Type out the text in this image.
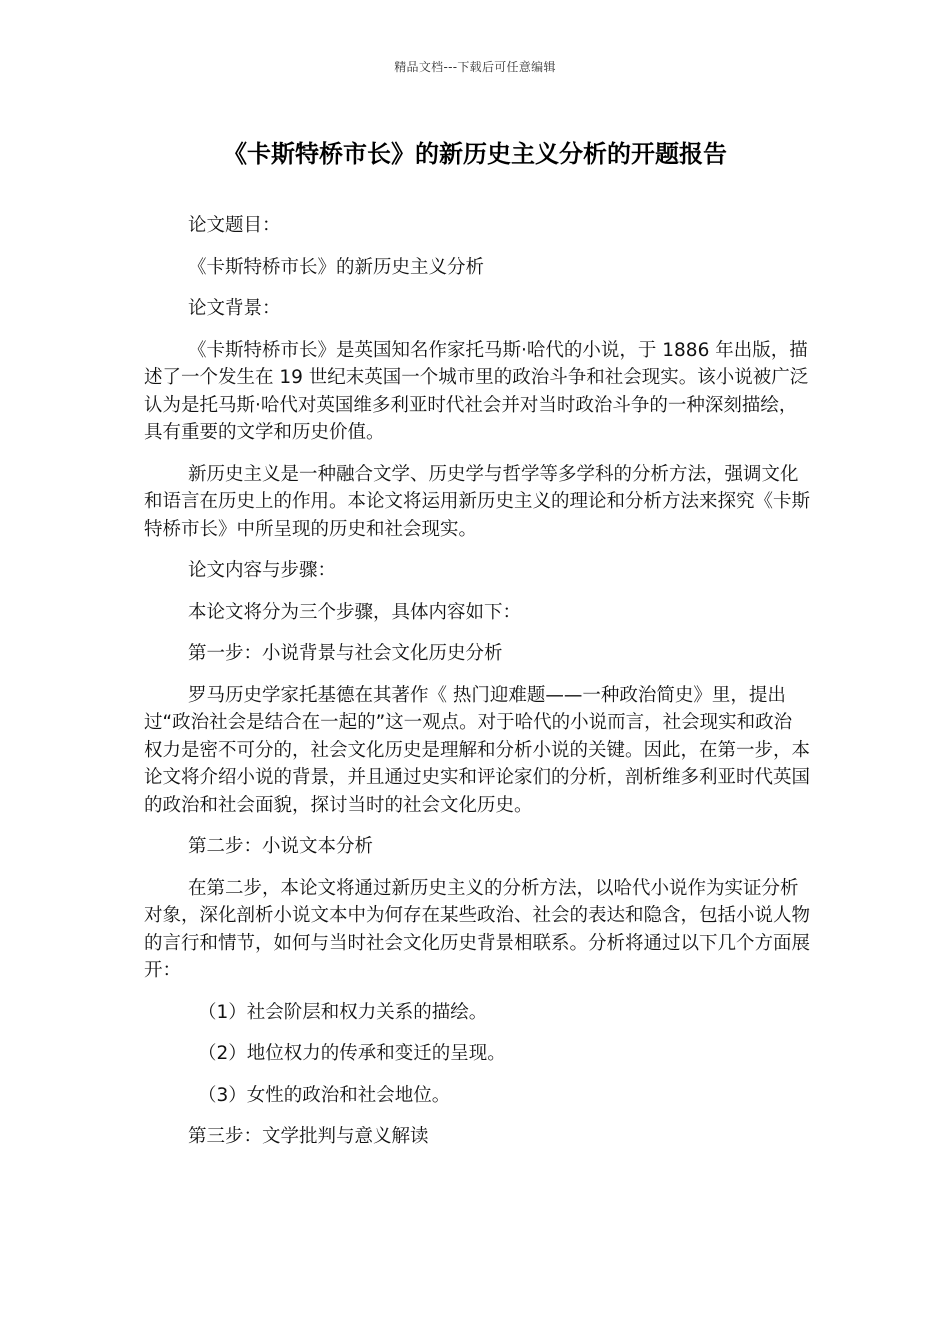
精品文档---下载后可任意编辑
《卡斯特桥市长》的新历史主义分析的开题报告

论文题目：

《卡斯特桥市长》的新历史主义分析

论文背景：

《卡斯特桥市长》是英国知名作家托马斯·哈代的小说，于 1886 年出版，描述了一个发生在 19 世纪末英国一个城市里的政治斗争和社会现实。该小说被广泛认为是托马斯·哈代对英国维多利亚时代社会并对当时政治斗争的一种深刻描绘，具有重要的文学和历史价值。

新历史主义是一种融合文学、历史学与哲学等多学科的分析方法，强调文化和语言在历史上的作用。本论文将运用新历史主义的理论和分析方法来探究《卡斯特桥市长》中所呈现的历史和社会现实。

论文内容与步骤：

本论文将分为三个步骤，具体内容如下：

第一步：小说背景与社会文化历史分析

罗马历史学家托基德在其著作《 热门迎难题——一种政治简史》里，提出过“政治社会是结合在一起的”这一观点。对于哈代的小说而言，社会现实和政治权力是密不可分的，社会文化历史是理解和分析小说的关键。因此，在第一步，本论文将介绍小说的背景，并且通过史实和评论家们的分析，剖析维多利亚时代英国的政治和社会面貌，探讨当时的社会文化历史。

第二步：小说文本分析

在第二步，本论文将通过新历史主义的分析方法，以哈代小说作为实证分析对象，深化剖析小说文本中为何存在某些政治、社会的表达和隐含，包括小说人物的言行和情节，如何与当时社会文化历史背景相联系。分析将通过以下几个方面展开：

（1）社会阶层和权力关系的描绘。

（2）地位权力的传承和变迁的呈现。

（3）女性的政治和社会地位。

第三步：文学批判与意义解读
